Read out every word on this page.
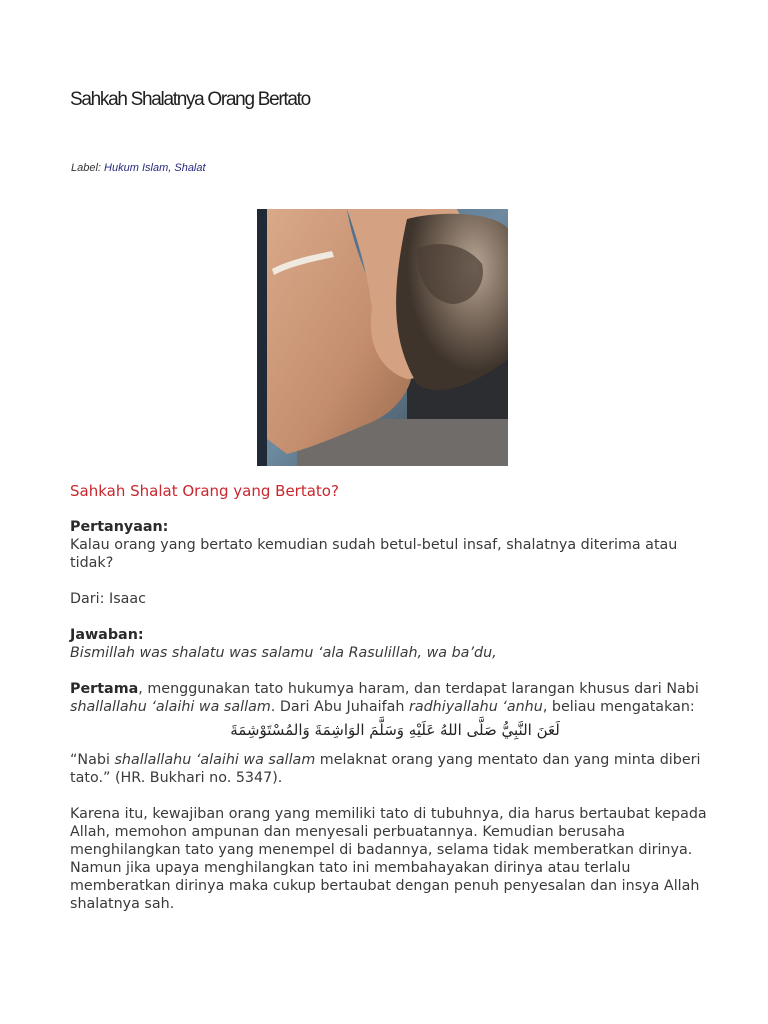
Sahkah Shalatnya Orang Bertato
Label: Hukum Islam, Shalat

Sahkah Shalat Orang yang Bertato?

Pertanyaan:

Kalau orang yang bertato kemudian sudah betul-betul insaf, shalatnya diterima atau tidak?

Dari: Isaac

Jawaban:

Bismillah was shalatu was salamu ‘ala Rasulillah, wa ba’du,

Pertama, menggunakan tato hukumya haram, dan terdapat larangan khusus dari Nabi shallallahu ‘alaihi wa sallam. Dari Abu Juhaifah radhiyallahu ‘anhu, beliau mengatakan:

لَعَنَ النَّبِيُّ صَلَّى اللهُ عَلَيْهِ وَسَلَّمَ الوَاشِمَةَ وَالمُسْتَوْشِمَةَ

“Nabi shallallahu ‘alaihi wa sallam melaknat orang yang mentato dan yang minta diberi tato.” (HR. Bukhari no. 5347).

Karena itu, kewajiban orang yang memiliki tato di tubuhnya, dia harus bertaubat kepada Allah, memohon ampunan dan menyesali perbuatannya. Kemudian berusaha menghilangkan tato yang menempel di badannya, selama tidak memberatkan dirinya. Namun jika upaya menghilangkan tato ini membahayakan dirinya atau terlalu memberatkan dirinya maka cukup bertaubat dengan penuh penyesalan dan insya Allah shalatnya sah.
